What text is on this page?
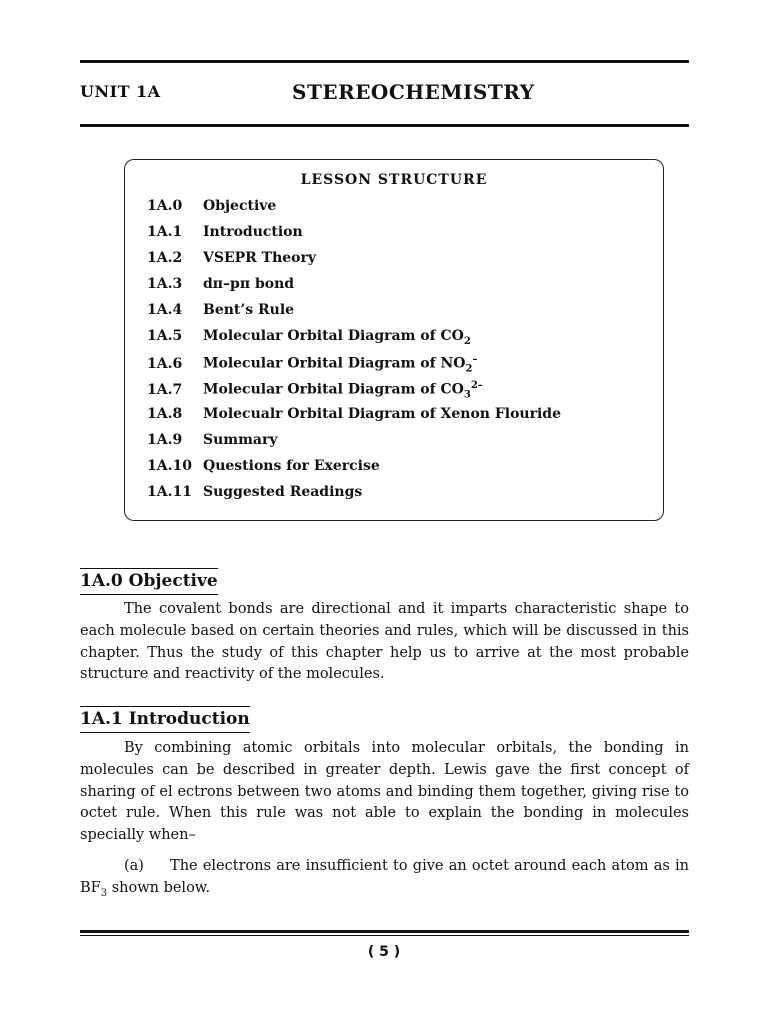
UNIT 1A	STEREOCHEMISTRY
LESSON STRUCTURE
1A.0 Objective
1A.1 Introduction
1A.2 VSEPR Theory
1A.3 dπ–pπ bond
1A.4 Bent’s Rule
1A.5 Molecular Orbital Diagram of $CO_2$
1A.6 Molecular Orbital Diagram of $NO_2^-$
1A.7 Molecular Orbital Diagram of $CO_3^{2-}$
1A.8 Molecualr Orbital Diagram of Xenon Flouride
1A.9 Summary
1A.10 Questions for Exercise
1A.11 Suggested Readings
1A.0 Objective
The covalent bonds are directional and it imparts characteristic shape to each molecule based on certain theories and rules, which will be discussed in this chapter. Thus the study of this chapter help us to arrive at the most probable structure and reactivity of the molecules.
1A.1 Introduction
By combining atomic orbitals into molecular orbitals, the bonding in molecules can be described in greater depth. Lewis gave the first concept of sharing of el ectrons between two atoms and binding them together, giving rise to octet rule. When this rule was not able to explain the bonding in molecules specially when–
(a) The electrons are insufficient to give an octet around each atom as in $BF_3$ shown below.
( 5 )
